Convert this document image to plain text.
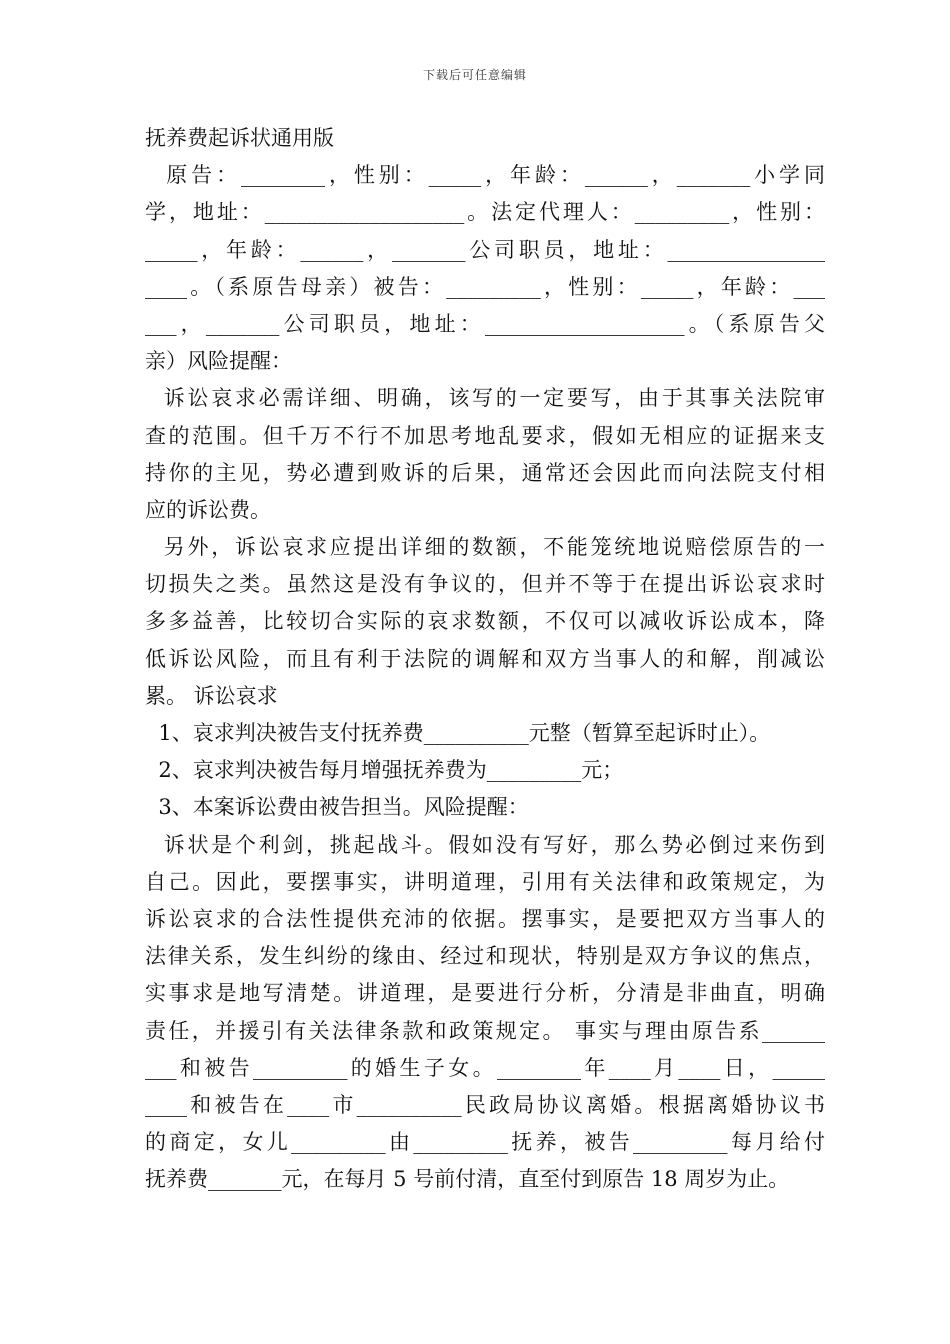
下载后可任意编辑
抚养费起诉状通用版
原告：________，性别：_____，年龄：______，_______小学同
学，地址：___________________。法定代理人：_________，性别：
_____，年龄：______，_______公司职员，地址：_______________
____。（系原告母亲）被告：_________，性别：_____，年龄：___
___，_______公司职员，地址：___________________。（系原告父
亲）风险提醒：
诉讼哀求必需详细、明确，该写的一定要写，由于其事关法院审
查的范围。但千万不行不加思考地乱要求，假如无相应的证据来支
持你的主见，势必遭到败诉的后果，通常还会因此而向法院支付相
应的诉讼费。
另外，诉讼哀求应提出详细的数额，不能笼统地说赔偿原告的一
切损失之类。虽然这是没有争议的，但并不等于在提出诉讼哀求时
多多益善，比较切合实际的哀求数额，不仅可以减收诉讼成本，降
低诉讼风险，而且有利于法院的调解和双方当事人的和解，削减讼
累。 诉讼哀求
1、哀求判决被告支付抚养费__________元整（暂算至起诉时止）。
2、哀求判决被告每月增强抚养费为_________元；
3、本案诉讼费由被告担当。风险提醒：
诉状是个利剑，挑起战斗。假如没有写好，那么势必倒过来伤到
自己。因此，要摆事实，讲明道理，引用有关法律和政策规定，为
诉讼哀求的合法性提供充沛的依据。摆事实，是要把双方当事人的
法律关系，发生纠纷的缘由、经过和现状，特别是双方争议的焦点，
实事求是地写清楚。讲道理，是要进行分析，分清是非曲直，明确
责任，并援引有关法律条款和政策规定。 事实与理由原告系______
___和被告_________的婚生子女。________年____月____日，_____
____和被告在____市__________民政局协议离婚。根据离婚协议书
的商定，女儿_________由_________抚养，被告_________每月给付
抚养费_______元，在每月 5 号前付清，直至付到原告 18 周岁为止。
